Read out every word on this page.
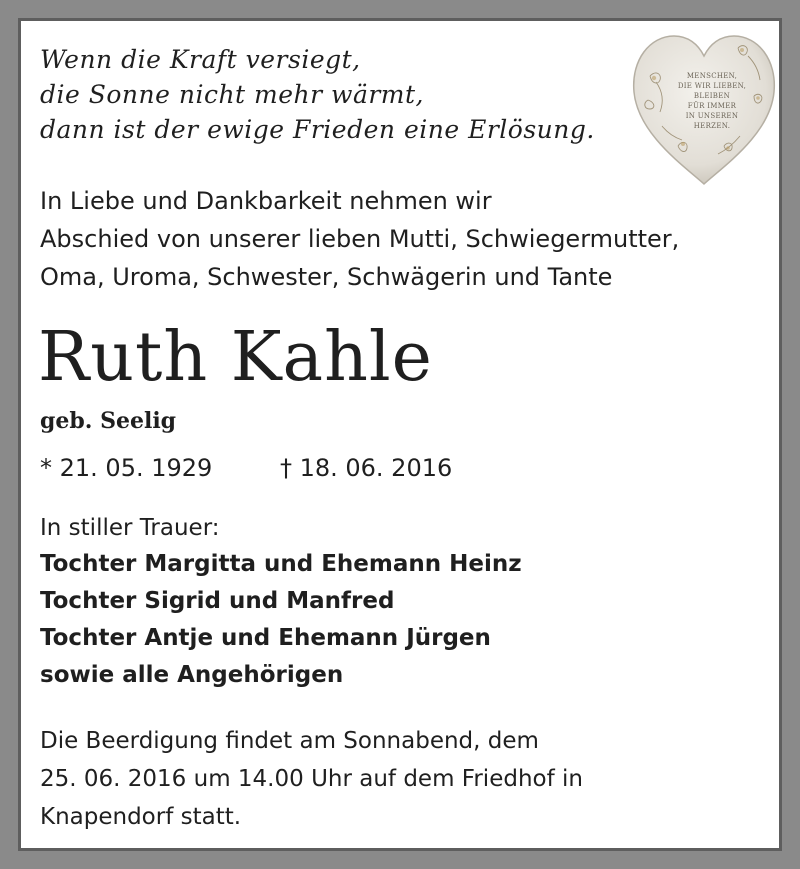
Wenn die Kraft versiegt,
die Sonne nicht mehr wärmt,
dann ist der ewige Frieden eine Erlösung.
MENSCHEN,
DIE WIR LIEBEN,
BLEIBEN
FÜR IMMER
IN UNSEREN
HERZEN.
In Liebe und Dankbarkeit nehmen wir
Abschied von unserer lieben Mutti, Schwiegermutter,
Oma, Uroma, Schwester, Schwägerin und Tante
Ruth Kahle
geb. Seelig
* 21. 05. 1929	† 18. 06. 2016
In stiller Trauer:
Tochter Margitta und Ehemann Heinz
Tochter Sigrid und Manfred
Tochter Antje und Ehemann Jürgen
sowie alle Angehörigen
Die Beerdigung findet am Sonnabend, dem
25. 06. 2016 um 14.00 Uhr auf dem Friedhof in
Knapendorf statt.
